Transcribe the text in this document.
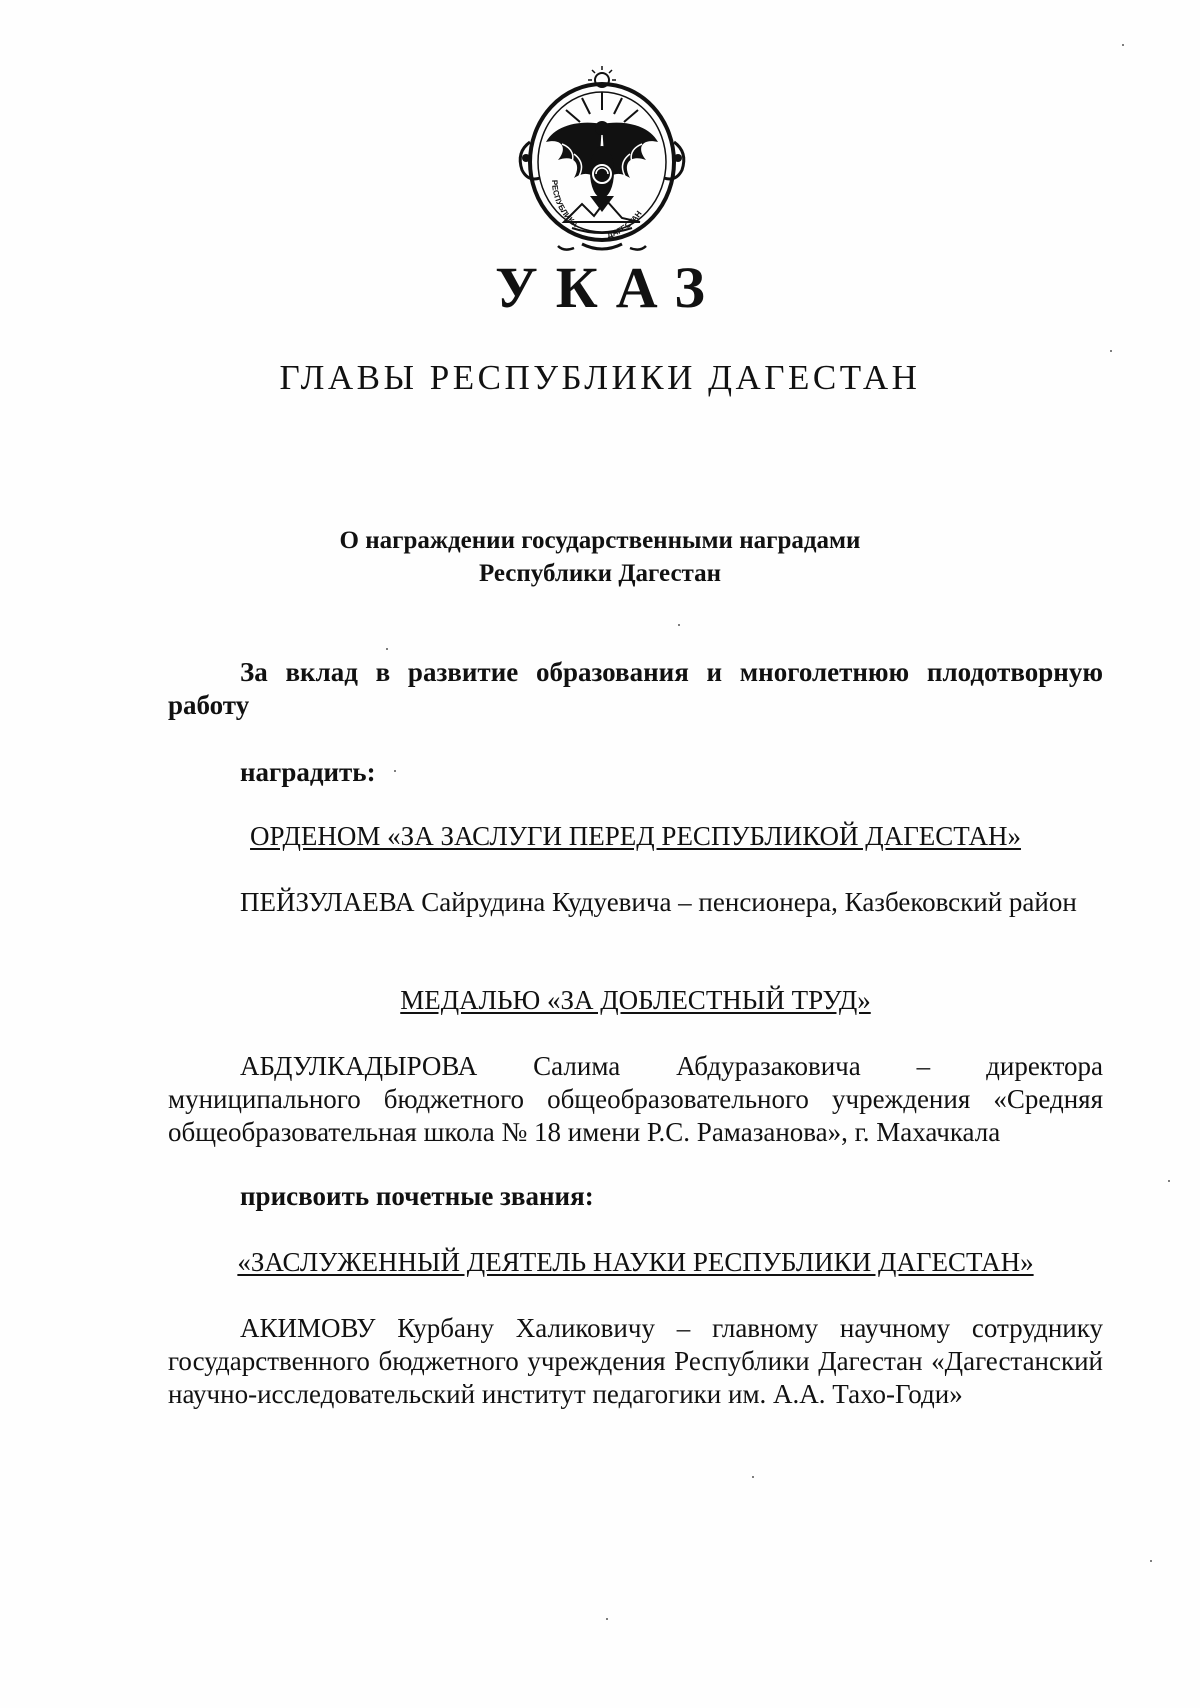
РЕСПУБЛИКА
ДАГЕСТАН
УКАЗ
ГЛАВЫ РЕСПУБЛИКИ ДАГЕСТАН
О награждении государственными наградами
Республики Дагестан
За вклад в развитие образования и многолетнюю плодотворную работу
наградить:
ОРДЕНОМ «ЗА ЗАСЛУГИ ПЕРЕД РЕСПУБЛИКОЙ ДАГЕСТАН»
ПЕЙЗУЛАЕВА Сайрудина Кудуевича – пенсионера, Казбековский район
МЕДАЛЬЮ «ЗА ДОБЛЕСТНЫЙ ТРУД»
АБДУЛКАДЫРОВА Салима Абдуразаковича – директора муниципального бюджетного общеобразовательного учреждения «Средняя общеобразовательная школа № 18 имени Р.С. Рамазанова», г. Махачкала
присвоить почетные звания:
«ЗАСЛУЖЕННЫЙ ДЕЯТЕЛЬ НАУКИ РЕСПУБЛИКИ ДАГЕСТАН»
АКИМОВУ Курбану Халиковичу – главному научному сотруднику государственного бюджетного учреждения Республики Дагестан «Дагестанский научно-исследовательский институт педагогики им. А.А. Тахо-Годи»
